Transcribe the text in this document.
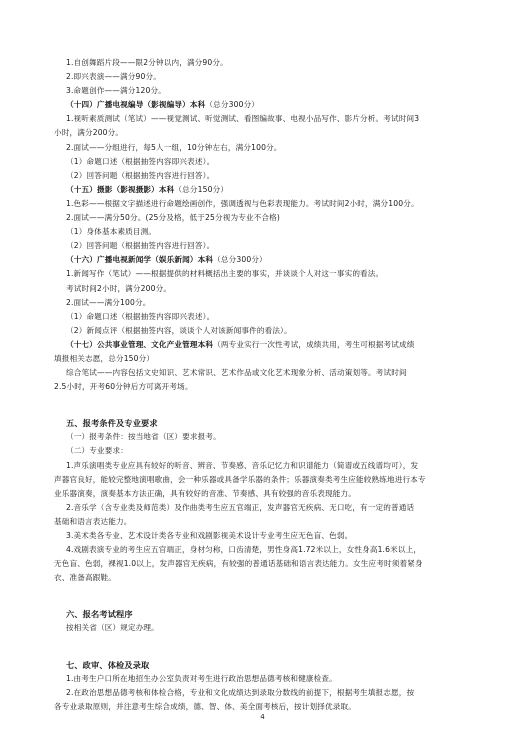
1.自创舞蹈片段——限2分钟以内，满分90分。
2.即兴表演——满分90分。
3.命题创作——满分120分。
（十四）广播电视编导（影视编导）本科（总分300分）
1.视听素质测试（笔试）——视觉测试、听觉测试、看图编故事、电视小品写作、影片分析。考试时间3
小时，满分200分。
2.面试——分组进行，每5人一组，10分钟左右，满分100分。
（1）命题口述（根据抽签内容即兴表述）。
（2）回答问题（根据抽签内容进行回答）。
（十五）摄影（影视摄影）本科（总分150分）
1.色彩——根据文字描述进行命题绘画创作，强调透视与色彩表现能力。考试时间2小时，满分100分。
2.面试——满分50分。(25分及格，低于25分视为专业不合格)
（1）身体基本素质目测。
（2）回答问题（根据抽签内容进行回答）。
（十六）广播电视新闻学（娱乐新闻）本科（总分300分）
1.新闻写作（笔试）——根据提供的材料概括出主要的事实，并谈谈个人对这一事实的看法。
考试时间2小时，满分200分。
2.面试——满分100分。
（1）命题口述（根据抽签内容即兴表述）。
（2）新闻点评（根据抽签内容，谈谈个人对该新闻事件的看法）。
（十七）公共事业管理、文化产业管理本科（两专业实行一次性考试，成绩共用，考生可根据考试成绩
填报相关志愿，总分150分）
综合笔试——内容包括文史知识、艺术常识、艺术作品或文化艺术现象分析、活动策划等。考试时间
2.5小时，开考60分钟后方可离开考场。
五、报考条件及专业要求
（一）报考条件：按当地省（区）要求报考。
（二）专业要求：
1.声乐演唱类专业应具有较好的听音、辨音、节奏感、音乐记忆力和识谱能力（简谱或五线谱均可），发
声器官良好，能较完整地演唱歌曲，会一种乐器或具备学乐器的条件；乐器演奏类考生应能较熟练地进行本专
业乐器演奏，演奏基本方法正确，具有较好的音准、节奏感、具有较强的音乐表现能力。
2.音乐学（含专业类及师范类）及作曲类考生应五官端正，发声器官无疾病、无口吃，有一定的普通话
基础和语言表达能力。
3.美术类各专业、艺术设计类各专业和戏剧影视美术设计专业考生应无色盲、色弱。
4.戏剧表演专业的考生应五官端正，身材匀称，口齿清楚，男性身高1.72米以上，女性身高1.6米以上，
无色盲、色弱，裸视1.0以上，发声器官无疾病，有较强的普通话基础和语言表达能力。女生应考时须着紧身
衣、准备高跟鞋。
六、报名考试程序
按相关省（区）规定办理。
七、政审、体检及录取
1.由考生户口所在地招生办公室负责对考生进行政治思想品德考核和健康检查。
2.在政治思想品德考核和体检合格，专业和文化成绩达到录取分数线的前提下，根据考生填报志愿，按
各专业录取原则，并注意考生综合成绩，德、智、体、美全面考核后，按计划择优录取。
4
